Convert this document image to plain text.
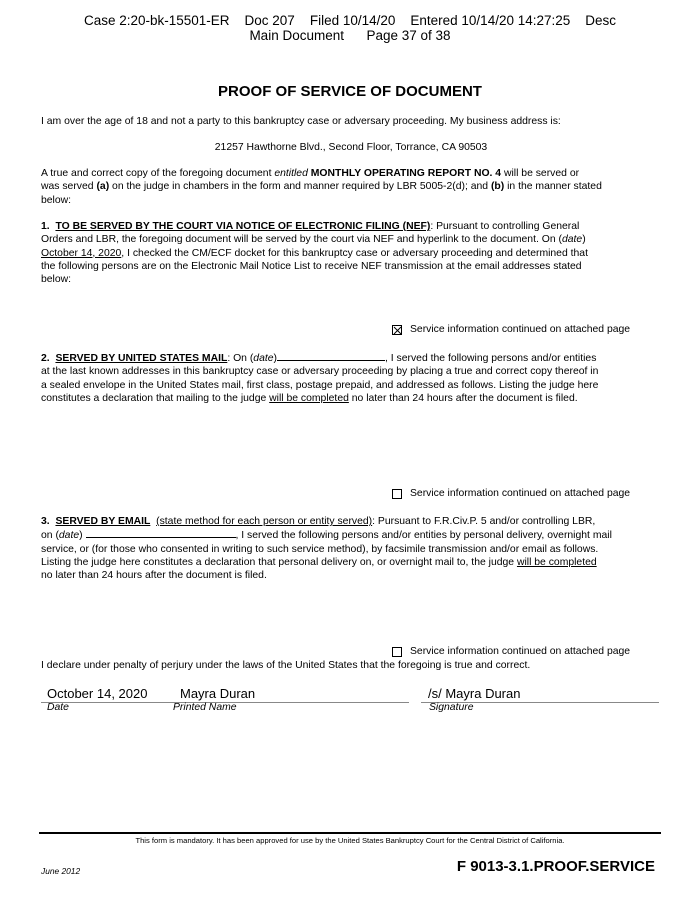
Case 2:20-bk-15501-ER    Doc 207    Filed 10/14/20    Entered 10/14/20 14:27:25    Desc
Main Document      Page 37 of 38
PROOF OF SERVICE OF DOCUMENT
I am over the age of 18 and not a party to this bankruptcy case or adversary proceeding. My business address is:
21257 Hawthorne Blvd., Second Floor, Torrance, CA 90503
A true and correct copy of the foregoing document entitled MONTHLY OPERATING REPORT NO. 4 will be served or
was served (a) on the judge in chambers in the form and manner required by LBR 5005-2(d); and (b) in the manner stated
below:
1. TO BE SERVED BY THE COURT VIA NOTICE OF ELECTRONIC FILING (NEF): Pursuant to controlling General
Orders and LBR, the foregoing document will be served by the court via NEF and hyperlink to the document. On (date)
October 14, 2020, I checked the CM/ECF docket for this bankruptcy case or adversary proceeding and determined that
the following persons are on the Electronic Mail Notice List to receive NEF transmission at the email addresses stated
below:
Service information continued on attached page
2. SERVED BY UNITED STATES MAIL: On (date)	, I served the following persons and/or entities
at the last known addresses in this bankruptcy case or adversary proceeding by placing a true and correct copy thereof in
a sealed envelope in the United States mail, first class, postage prepaid, and addressed as follows. Listing the judge here
constitutes a declaration that mailing to the judge will be completed no later than 24 hours after the document is filed.
Service information continued on attached page
3. SERVED BY EMAIL (state method for each person or entity served): Pursuant to F.R.Civ.P. 5 and/or controlling LBR,
on (date)	, I served the following persons and/or entities by personal delivery, overnight mail
service, or (for those who consented in writing to such service method), by facsimile transmission and/or email as follows.
Listing the judge here constitutes a declaration that personal delivery on, or overnight mail to, the judge will be completed
no later than 24 hours after the document is filed.
Service information continued on attached page
I declare under penalty of perjury under the laws of the United States that the foregoing is true and correct.
October 14, 2020	Mayra Duran	/s/ Mayra Duran
Date	Printed Name	Signature
This form is mandatory. It has been approved for use by the United States Bankruptcy Court for the Central District of California.
June 2012	F 9013-3.1.PROOF.SERVICE
